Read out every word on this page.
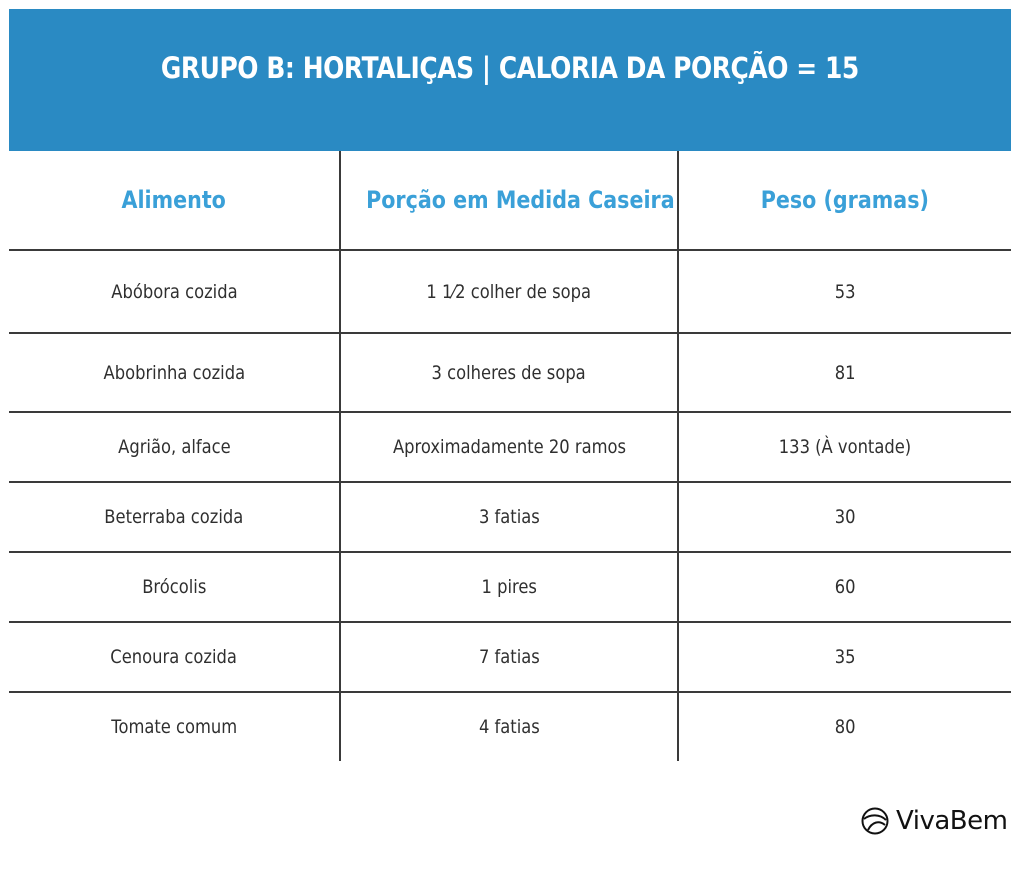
GRUPO B: HORTALIÇAS | CALORIA DA PORÇÃO = 15
Alimento	Porção em Medida Caseira	Peso (gramas)
Abóbora cozida	1 1⁄2 colher de sopa	53
Abobrinha cozida	3 colheres de sopa	81
Agrião, alface	Aproximadamente 20 ramos	133 (À vontade)
Beterraba cozida	3 fatias	30
Brócolis	1 pires	60
Cenoura cozida	7 fatias	35
Tomate comum	4 fatias	80
VivaBem
